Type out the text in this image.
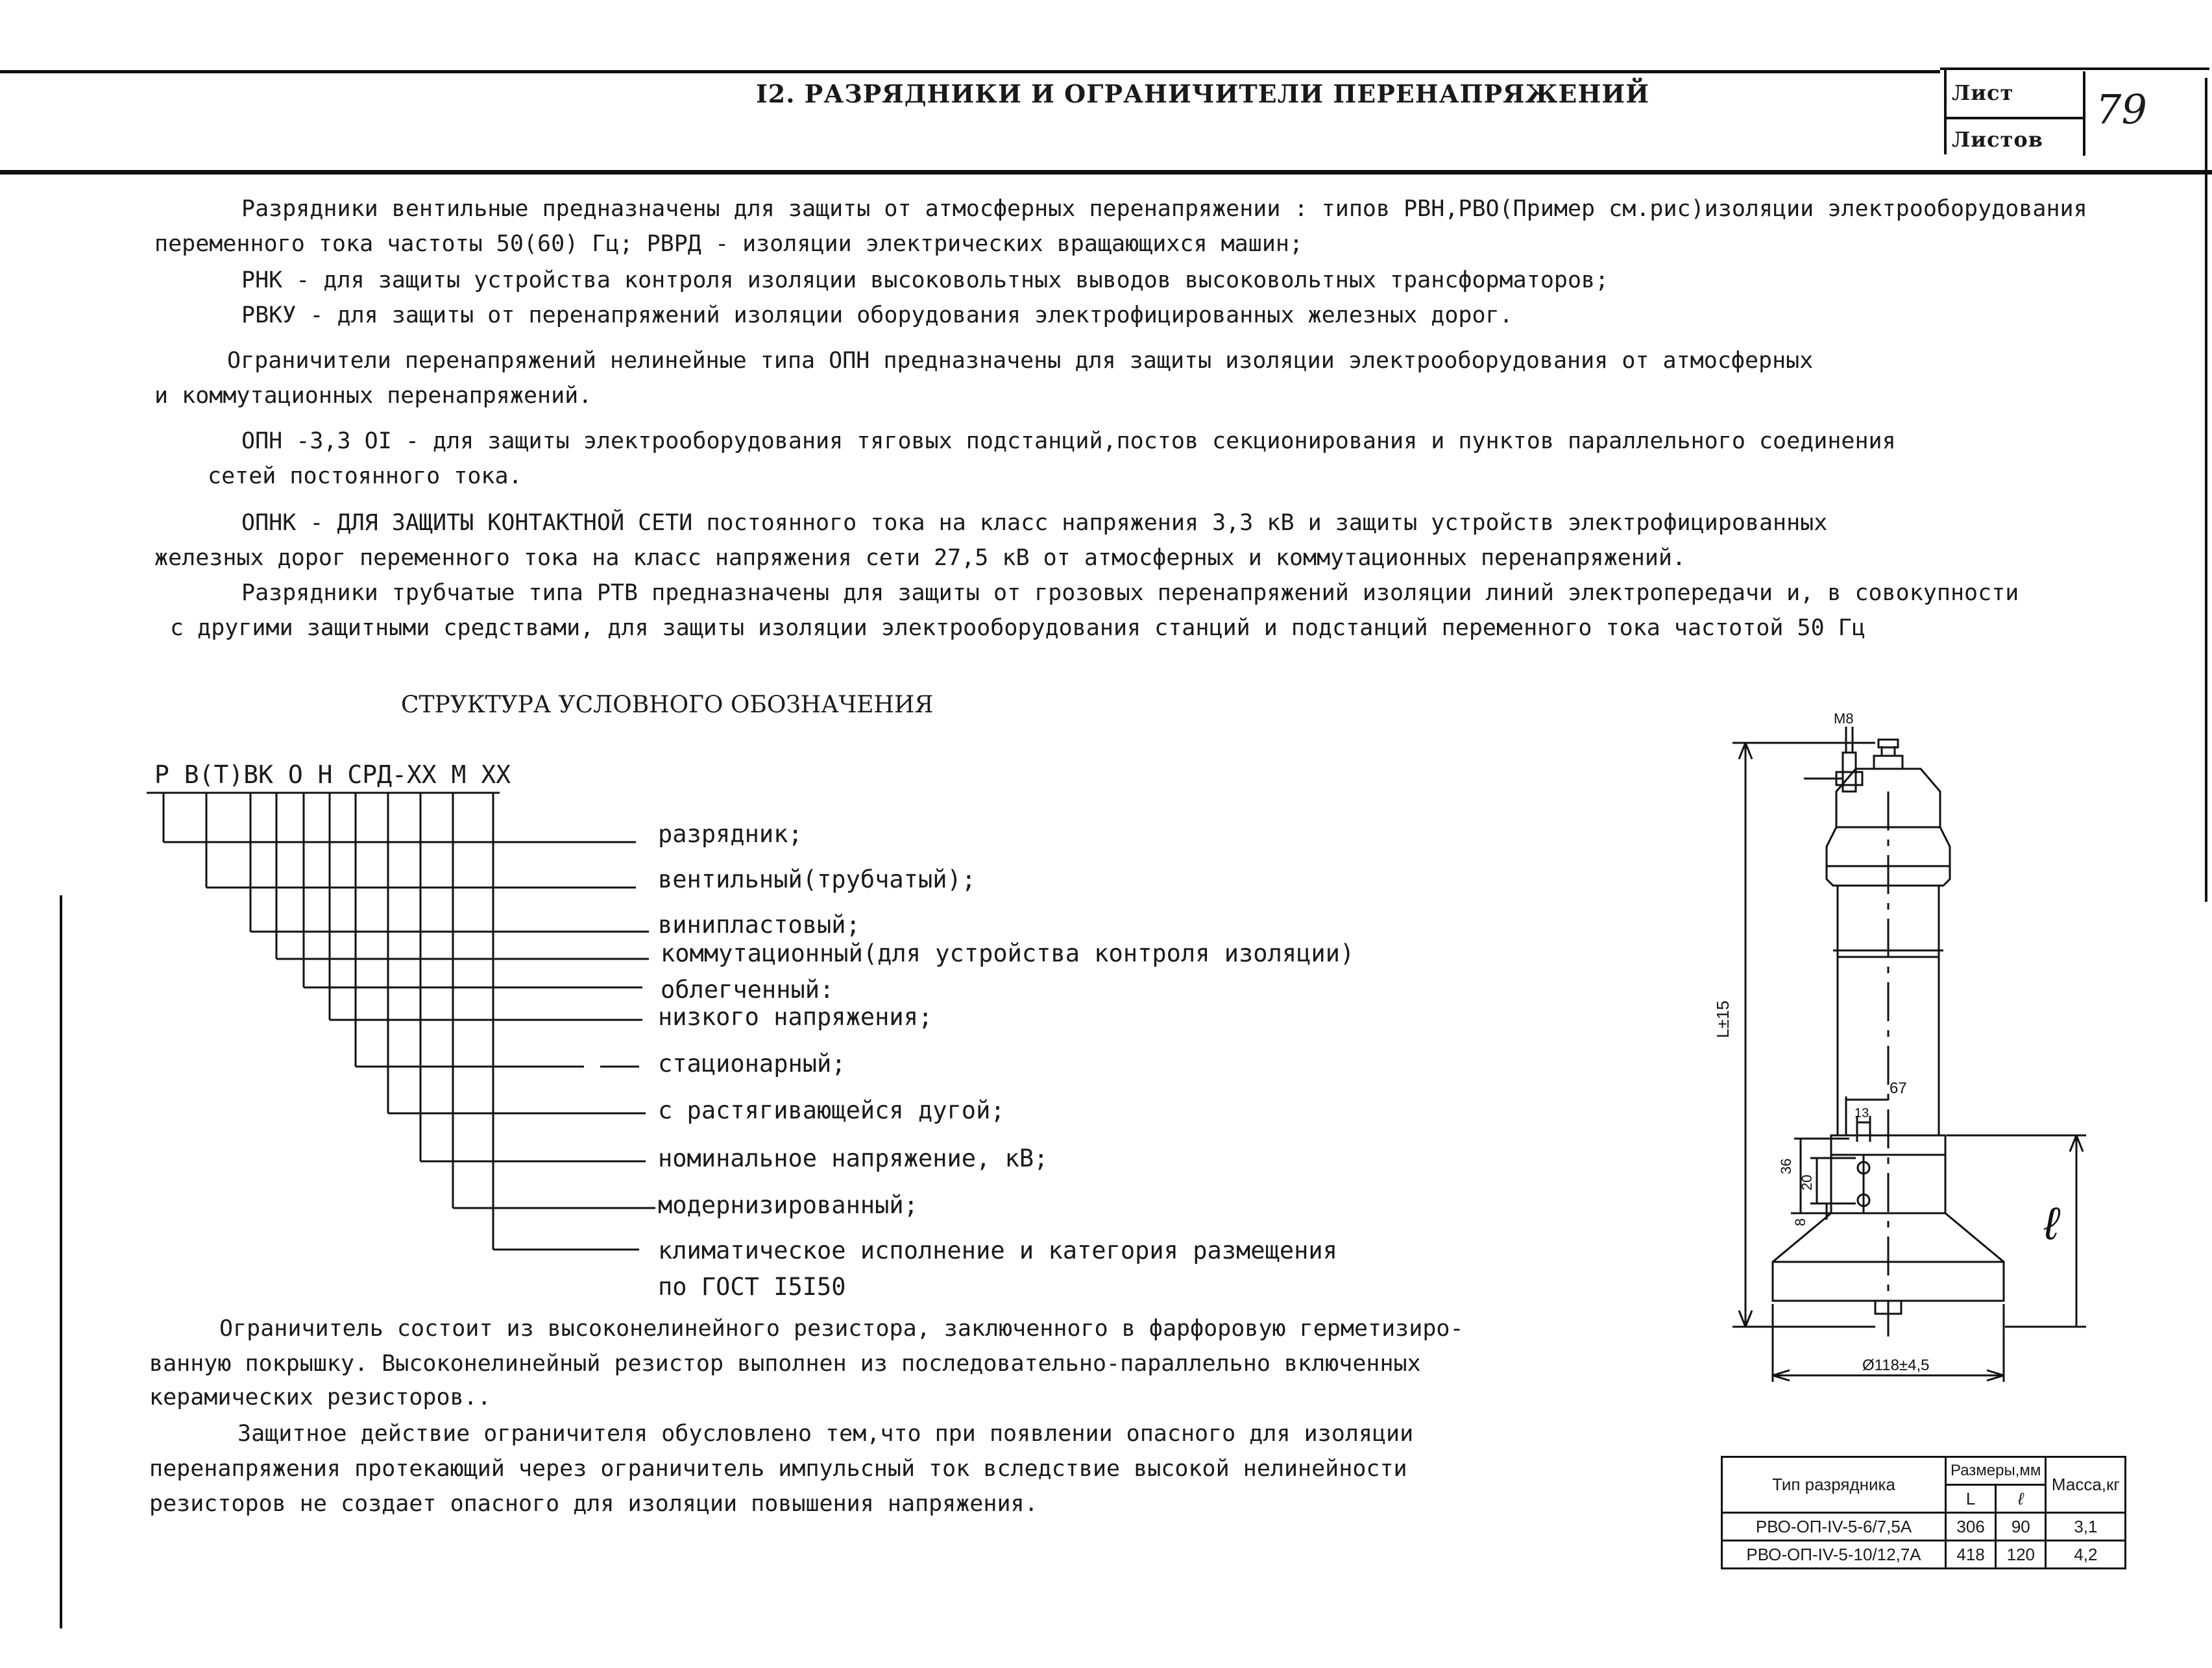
I2. РАЗРЯДНИКИ И ОГРАНИЧИТЕЛИ ПЕРЕНАПРЯЖЕНИЙ	Лист
Листов
79
Разрядники вентильные предназначены для защиты от атмосферных перенапряжении : типов РВН,РВО(Пример см.рис)изоляции электрооборудования
переменного тока частоты 50(60) Гц; РВРД - изоляции электрических вращающихся машин;
РНК - для защиты устройства контроля изоляции высоковольтных выводов высоковольтных трансформаторов;
РВКУ - для защиты от перенапряжений изоляции оборудования электрофицированных железных дорог.
Ограничители перенапряжений нелинейные типа ОПН предназначены для защиты изоляции электрооборудования от атмосферных
и коммутационных перенапряжений.
ОПН -3,3 OI - для защиты электрооборудования тяговых подстанций,постов секционирования и пунктов параллельного соединения
сетей постоянного тока.
ОПНК - ДЛЯ ЗАЩИТЫ КОНТАКТНОЙ СЕТИ постоянного тока на класс напряжения 3,3 кВ и защиты устройств электрофицированных
железных дорог переменного тока на класс напряжения сети 27,5 кВ от атмосферных и коммутационных перенапряжений.
Разрядники трубчатые типа РТВ предназначены для защиты от грозовых перенапряжений изоляции линий электропередачи и, в совокупности
с другими защитными средствами, для защиты изоляции электрооборудования станций и подстанций переменного тока частотой 50 Гц
СТРУКТУРА УСЛОВНОГО ОБОЗНАЧЕНИЯ
Р В(Т)ВК О Н СРД-ХХ М ХХ
разрядник;
вентильный(трубчатый);
винипластовый;
коммутационный(для устройства контроля изоляции)
облегченный:
низкого напряжения;
стационарный;
с растягивающейся дугой;
номинальное напряжение, кВ;
модернизированный;
климатическое исполнение и категория размещения
по ГОСТ I5I50
Ограничитель состоит из высоконелинейного резистора, заключенного в фарфоровую герметизиро-
ванную покрышку. Высоконелинейный резистор выполнен из последовательно-параллельно включенных
керамических резисторов..
Защитное действие ограничителя обусловлено тем,что при появлении опасного для изоляции
перенапряжения протекающий через ограничитель импульсный ток вследствие высокой нелинейности
резисторов не создает опасного для изоляции повышения напряжения.
M8
L±15
67
13
36
20
8	ℓ
Ø118±4,5
Тип разрядника	Размеры,мм		Масса,кг
	L	ℓ	
РВО-ОП-IV-5-6/7,5А	306	90	3,1
РВО-ОП-IV-5-10/12,7А	418	120	4,2
